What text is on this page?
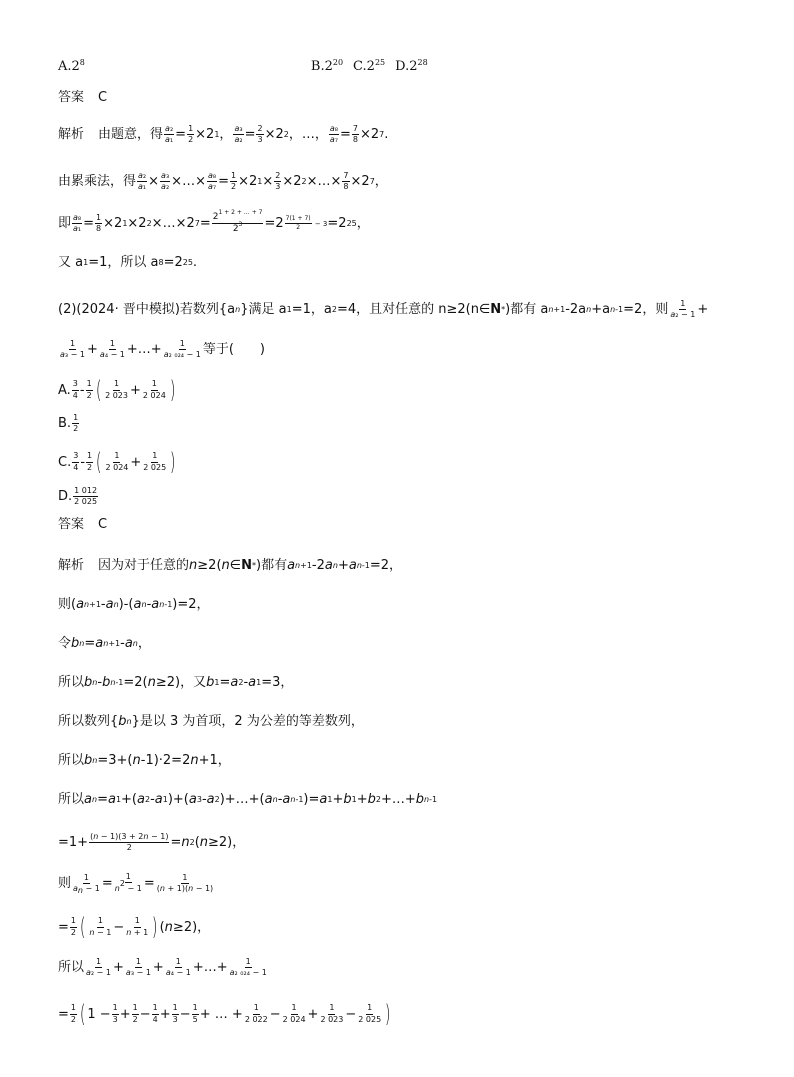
$A.2^8$	$B.2^{20}$ $C.2^{25}$ $D.2^{28}$
答案 C
解析 由题意，得 $\frac{\text{a₂}}{\text{a₁}} = \frac{1}{2} \times 2$ 1 ， $\frac{\text{a₃}}{\text{a₂}} = \frac{2}{3} \times 2$ 2 ，…， $\frac{\text{a₈}}{\text{a₇}} = \frac{7}{8} \times 2$ 7 .
由累乘法，得 $\frac{\text{a₂}}{\text{a₁}} \times \frac{\text{a₃}}{\text{a₂}}$ ×…× $\frac{\text{a₈}}{\text{a₇}} = \frac{1}{2} \times 2$ $1 \times \frac{2}{3} \times 2$ 2 ×…× $\frac{7}{8} \times 2$ 7 ，
即 $\frac{\text{a₈}}{\text{a₁}} = \frac{1}{8} \times 2$ 1 ×2 2 ×…×2 $7 = \frac{2^{1 + 2 + \dots + 7}}{2^3} =2 \frac{7(1 + 7)}{2} - 3 =2$ 25 ，
又 a 1 =1，所以 a 8 =2 25 .
(2)(2024· 晋中模拟)若数列{a n }满足 a 1 =1，a 2 =4，且对任意的 n≥2(n∈ N * )都有 a n+1 -2a n +a n-1 =2，则 $\frac{1}{\text{a₂ − 1}}$ +
$\frac{1}{\text{a₃ − 1}} + \frac{1}{\text{a₄ − 1}}$ +…+ $\frac{1}{\text{a₂ ₀₂₄ − 1}}$ 等于(　　)
A. $\frac{3}{4} - \frac{1}{2}$ ( $\frac{1}{2 023} + \frac{1}{2 024}$ )
B. $\frac{1}{2}$
C. $\frac{3}{4} - \frac{1}{2}$ ( $\frac{1}{2 024} + \frac{1}{2 025}$ )
D. $\frac{1 012}{2 025}$
答案 C
解析 因为对于任意的 n ≥2( n ∈ N * )都有 a n+1 -2 a n + a n-1 =2，
则( a n+1 - a n )-( a n - a n-1 )=2，
令 b n = a n+1 - a n ，
所以 b n - b n-1 =2( n ≥2)，又 b 1 = a 2 - a 1 =3，
所以数列{ b n }是以 3 为首项，2 为公差的等差数列，
所以 b n =3+( n -1)·2=2 n +1，
所以 a n = a 1 +( a 2 - a 1 )+( a 3 - a 2 )+…+( a n - a n-1 )= a 1 + b 1 + b 2 +…+ b n-1
$=1+ \frac{(n - 1)(3 + 2n - 1)}{2} = n$ 2 ( n ≥2)，
则 $\frac{1}{a_n - 1} = \frac{1}{n^2 - 1} = \frac{1}{(n + 1)(n - 1)}$
= $\frac{1}{2}$ ( $\frac{1}{n - 1} - \frac{1}{n + 1}$ ) ( n ≥2)，
所以 $\frac{1}{\text{a₂ − 1}} + \frac{1}{\text{a₃ − 1}} + \frac{1}{\text{a₄ − 1}}$ +…+ $\frac{1}{\text{a₂ ₀₂₄ − 1}}$
= $\frac{1}{2}$ ( $1 - \frac{1}{3} + \frac{1}{2} - \frac{1}{4} + \frac{1}{3} - \frac{1}{5}$ + … + $\frac{1}{2 022} - \frac{1}{2 024} + \frac{1}{2 023} - \frac{1}{2 025}$ )
